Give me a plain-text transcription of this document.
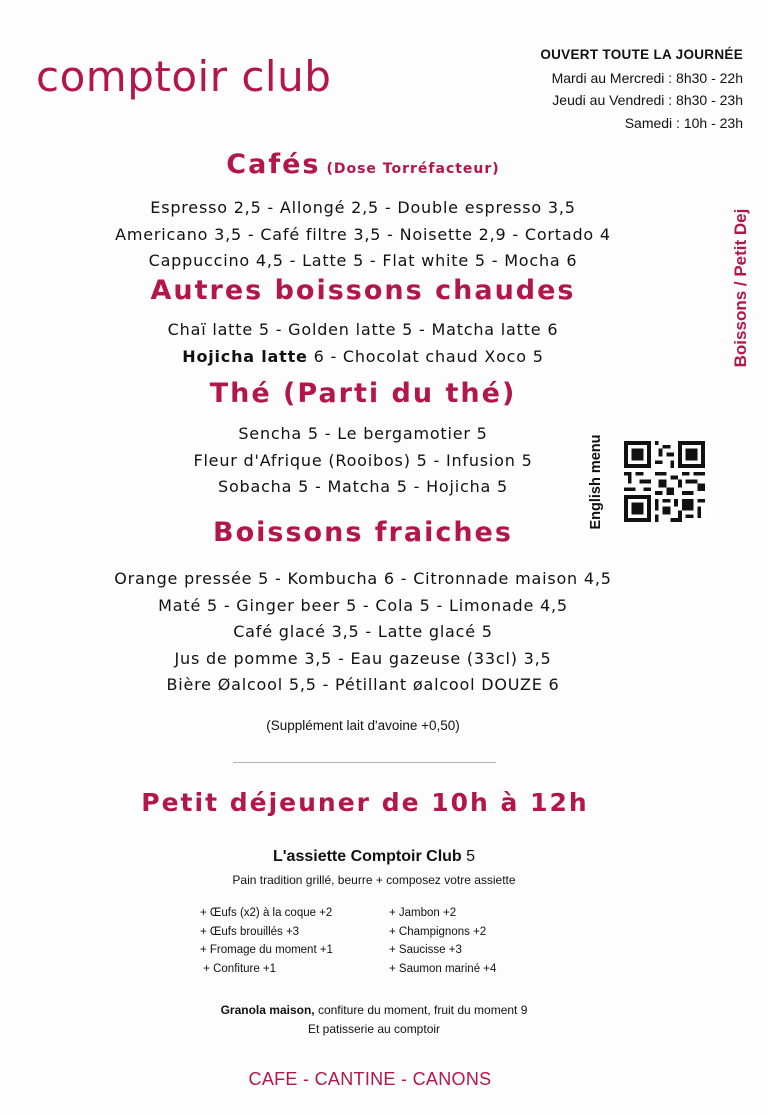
comptoir club	OUVERT TOUTE LA JOURNÉE
Mardi au Mercredi : 8h30 - 22h
Jeudi au Vendredi : 8h30 - 23h
Samedi : 10h - 23h
Boissons / Petit Dej
English menu
Cafés (Dose Torréfacteur)
Espresso 2,5 - Allongé 2,5 - Double espresso 3,5
Americano 3,5 - Café filtre 3,5 - Noisette 2,9 - Cortado 4
Cappuccino 4,5 - Latte 5 - Flat white 5 - Mocha 6
Autres boissons chaudes
Chaï latte 5 - Golden latte 5 - Matcha latte 6
Hojicha latte 6 - Chocolat chaud Xoco 5
Thé (Parti du thé)
Sencha 5 - Le bergamotier 5
Fleur d'Afrique (Rooibos) 5 - Infusion 5
Sobacha 5 - Matcha 5 - Hojicha 5
Boissons fraiches
Orange pressée 5 - Kombucha 6 - Citronnade maison 4,5
Maté 5 - Ginger beer 5 - Cola 5 - Limonade 4,5
Café glacé 3,5 - Latte glacé 5
Jus de pomme 3,5 - Eau gazeuse (33cl) 3,5
Bière Øalcool 5,5 - Pétillant øalcool DOUZE 6
(Supplément lait d'avoine +0,50)
Petit déjeuner de 10h à 12h
L'assiette Comptoir Club 5
Pain tradition grillé, beurre + composez votre assiette
+ Œufs (x2) à la coque +2
+ Œufs brouillés +3
+ Fromage du moment +1
+ Confiture +1
+ Jambon +2
+ Champignons +2
+ Saucisse +3
+ Saumon mariné +4
Granola maison, confiture du moment, fruit du moment 9
Et patisserie au comptoir
CAFE - CANTINE - CANONS
